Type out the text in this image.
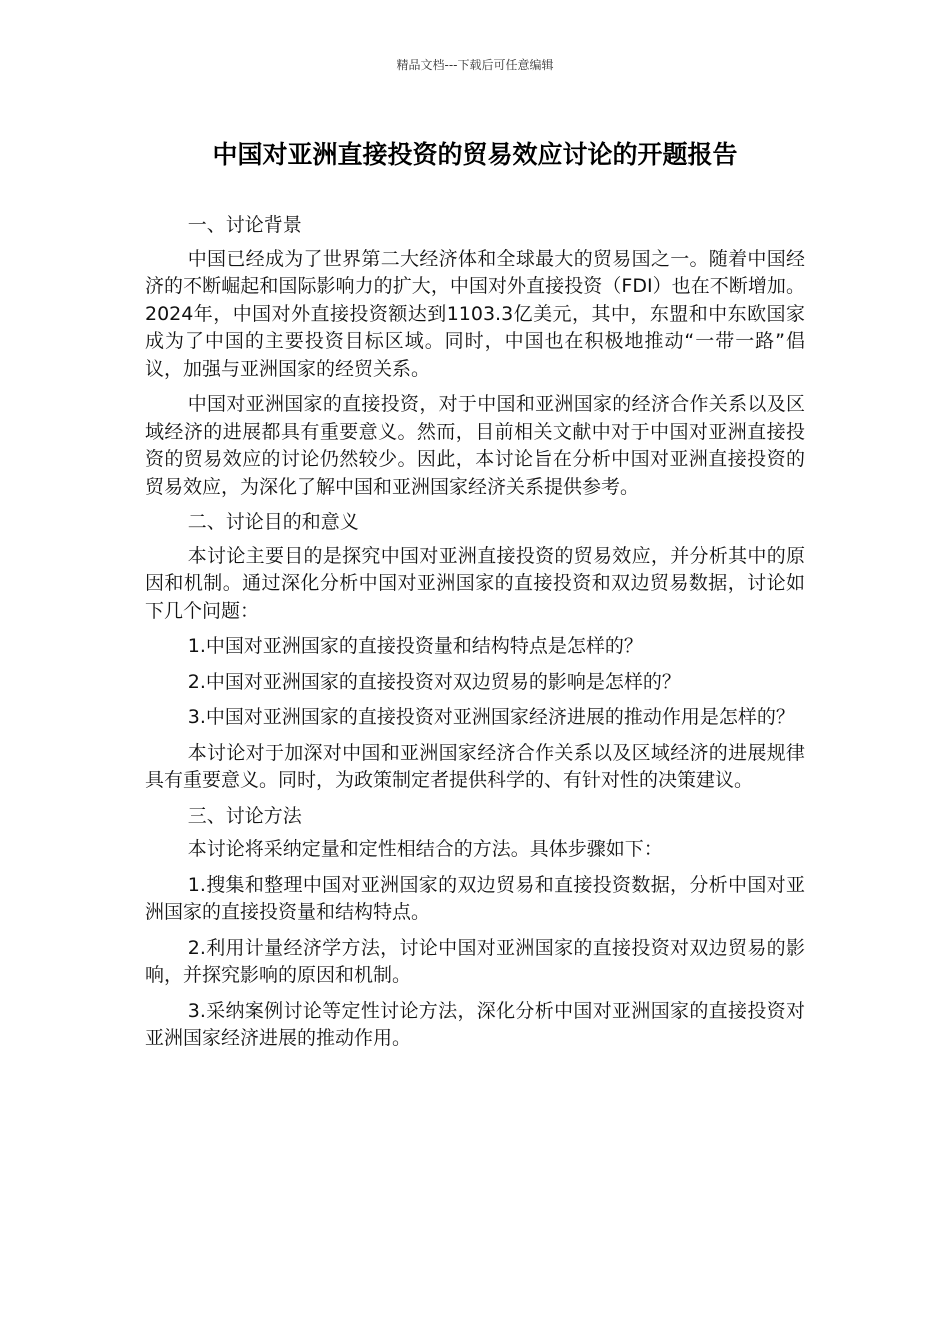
精品文档---下载后可任意编辑
中国对亚洲直接投资的贸易效应讨论的开题报告

一、讨论背景

中国已经成为了世界第二大经济体和全球最大的贸易国之一。随着中国经济的不断崛起和国际影响力的扩大，中国对外直接投资（FDI）也在不断增加。2024年，中国对外直接投资额达到1103.3亿美元，其中，东盟和中东欧国家成为了中国的主要投资目标区域。同时，中国也在积极地推动“一带一路”倡议，加强与亚洲国家的经贸关系。

中国对亚洲国家的直接投资，对于中国和亚洲国家的经济合作关系以及区域经济的进展都具有重要意义。然而，目前相关文献中对于中国对亚洲直接投资的贸易效应的讨论仍然较少。因此，本讨论旨在分析中国对亚洲直接投资的贸易效应，为深化了解中国和亚洲国家经济关系提供参考。

二、讨论目的和意义

本讨论主要目的是探究中国对亚洲直接投资的贸易效应，并分析其中的原因和机制。通过深化分析中国对亚洲国家的直接投资和双边贸易数据，讨论如下几个问题：

1.中国对亚洲国家的直接投资量和结构特点是怎样的？

2.中国对亚洲国家的直接投资对双边贸易的影响是怎样的？

3.中国对亚洲国家的直接投资对亚洲国家经济进展的推动作用是怎样的？

本讨论对于加深对中国和亚洲国家经济合作关系以及区域经济的进展规律具有重要意义。同时，为政策制定者提供科学的、有针对性的决策建议。

三、讨论方法

本讨论将采纳定量和定性相结合的方法。具体步骤如下：

1.搜集和整理中国对亚洲国家的双边贸易和直接投资数据，分析中国对亚洲国家的直接投资量和结构特点。

2.利用计量经济学方法，讨论中国对亚洲国家的直接投资对双边贸易的影响，并探究影响的原因和机制。

3.采纳案例讨论等定性讨论方法，深化分析中国对亚洲国家的直接投资对亚洲国家经济进展的推动作用。
